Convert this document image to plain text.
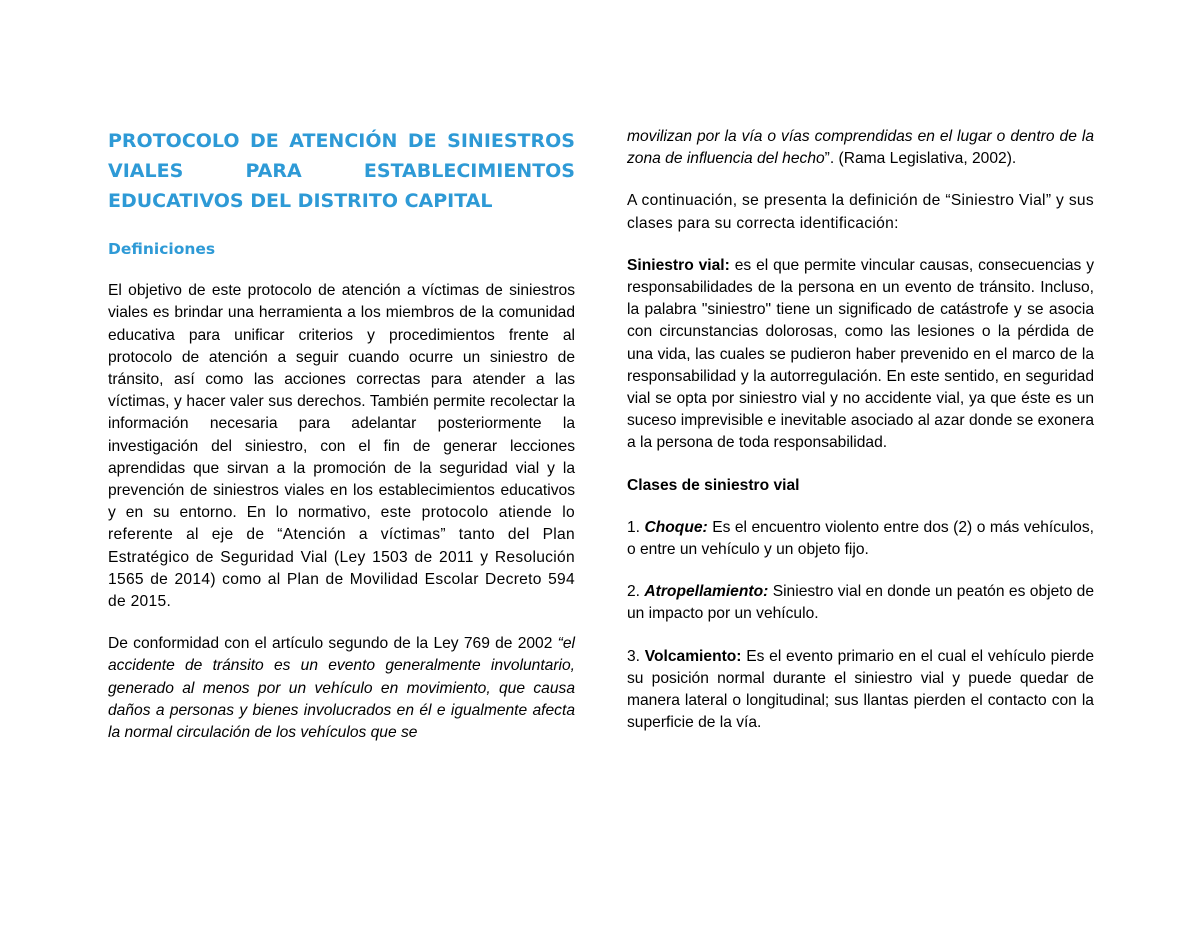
PROTOCOLO DE ATENCIÓN DE SINIESTROS VIALES PARA ESTABLECIMIENTOS EDUCATIVOS DEL DISTRITO CAPITAL
Definiciones

El objetivo de este protocolo de atención a víctimas de siniestros viales es brindar una herramienta a los miembros de la comunidad educativa para unificar criterios y procedimientos frente al protocolo de atención a seguir cuando ocurre un siniestro de tránsito, así como las acciones correctas para atender a las víctimas, y hacer valer sus derechos. También permite recolectar la información necesaria para adelantar posteriormente la investigación del siniestro, con el fin de generar lecciones aprendidas que sirvan a la promoción de la seguridad vial y la prevención de siniestros viales en los establecimientos educativos y en su entorno. En lo normativo, este protocolo atiende lo referente al eje de “Atención a víctimas” tanto del Plan Estratégico de Seguridad Vial (Ley 1503 de 2011 y Resolución 1565 de 2014) como al Plan de Movilidad Escolar Decreto 594 de 2015.

De conformidad con el artículo segundo de la Ley 769 de 2002 “el accidente de tránsito es un evento generalmente involuntario, generado al menos por un vehículo en movimiento, que causa daños a personas y bienes involucrados en él e igualmente afecta la normal circulación de los vehículos que se

movilizan por la vía o vías comprendidas en el lugar o dentro de la zona de influencia del hecho”. (Rama Legislativa, 2002).

A continuación, se presenta la definición de “Siniestro Vial” y sus clases para su correcta identificación:

Siniestro vial: es el que permite vincular causas, consecuencias y responsabilidades de la persona en un evento de tránsito. Incluso, la palabra "siniestro" tiene un significado de catástrofe y se asocia con circunstancias dolorosas, como las lesiones o la pérdida de una vida, las cuales se pudieron haber prevenido en el marco de la responsabilidad y la autorregulación. En este sentido, en seguridad vial se opta por siniestro vial y no accidente vial, ya que éste es un suceso imprevisible e inevitable asociado al azar donde se exonera a la persona de toda responsabilidad.

Clases de siniestro vial

1. Choque: Es el encuentro violento entre dos (2) o más vehículos, o entre un vehículo y un objeto fijo.

2. Atropellamiento: Siniestro vial en donde un peatón es objeto de un impacto por un vehículo.

3. Volcamiento: Es el evento primario en el cual el vehículo pierde su posición normal durante el siniestro vial y puede quedar de manera lateral o longitudinal; sus llantas pierden el contacto con la superficie de la vía.
